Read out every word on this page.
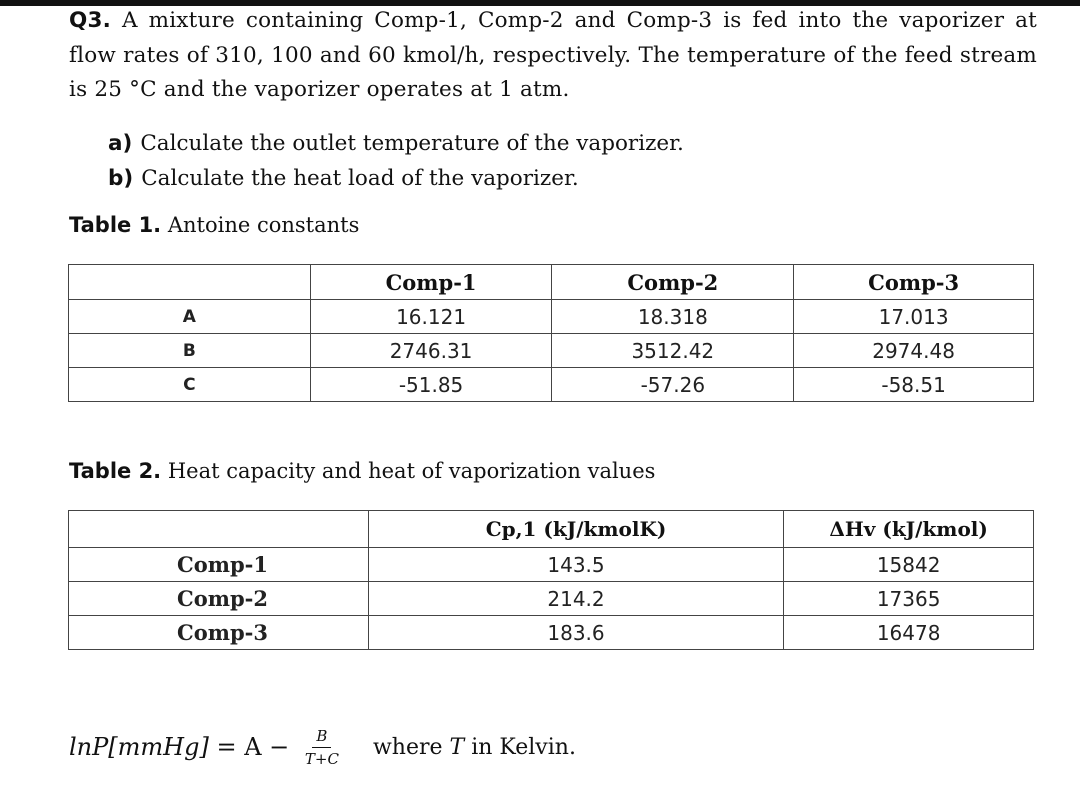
Q3. A mixture containing Comp-1, Comp-2 and Comp-3 is fed into the vaporizer at flow rates of 310, 100 and 60 kmol/h, respectively. The temperature of the feed stream is 25 °C and the vaporizer operates at 1 atm.
a) Calculate the outlet temperature of the vaporizer.
b) Calculate the heat load of the vaporizer.
Table 1. Antoine constants
	Comp-1	Comp-2	Comp-3
A	16.121	18.318	17.013
B	2746.31	3512.42	2974.48
C	-51.85	-57.26	-58.51
Table 2. Heat capacity and heat of vaporization values
	Cp,1 (kJ/kmolK)	ΔHv (kJ/kmol)
Comp-1	143.5	15842
Comp-2	214.2	17365
Comp-3	183.6	16478
lnP[mmHg] = $A - \frac{B}{T+C}$ where T in Kelvin.
